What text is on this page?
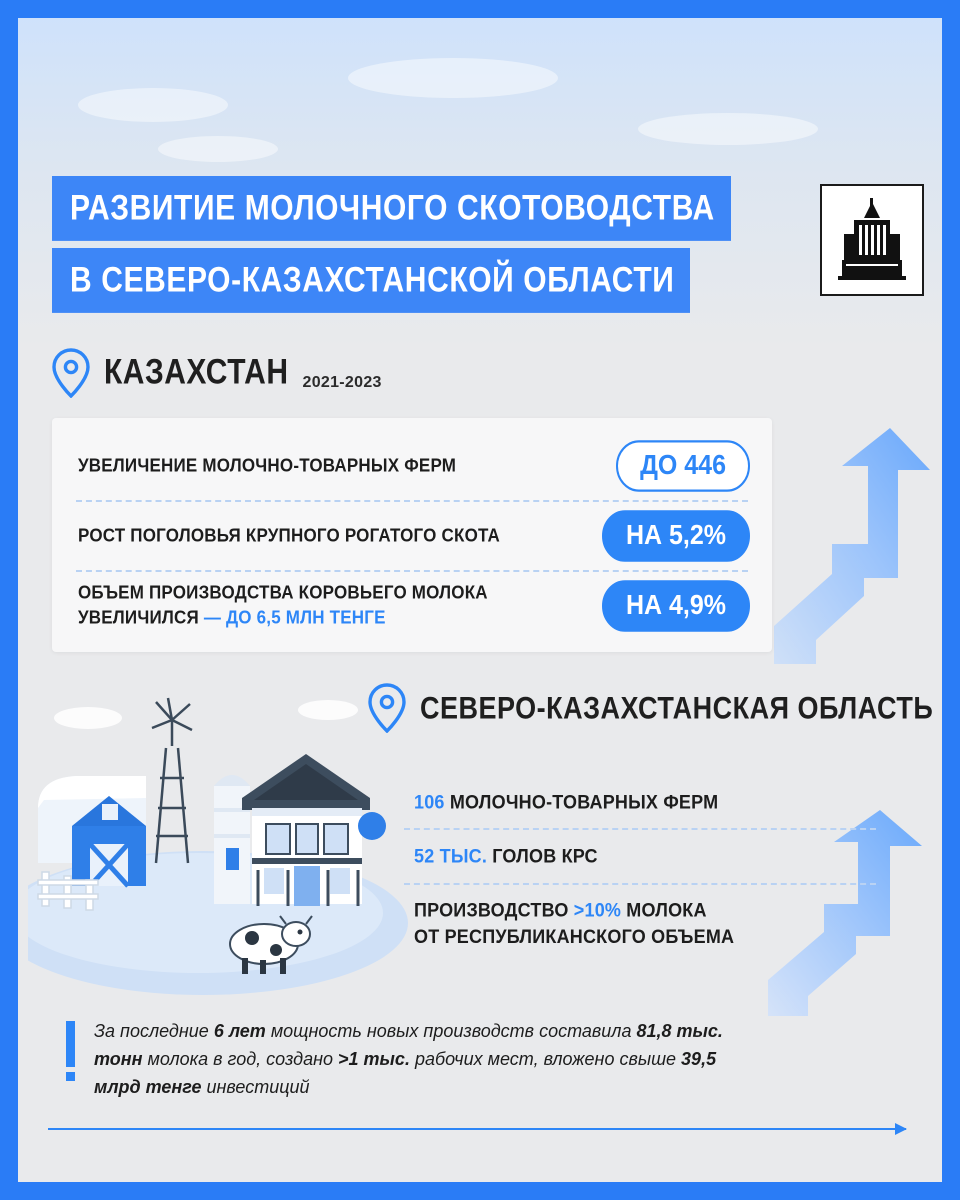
РАЗВИТИЕ МОЛОЧНОГО СКОТОВОДСТВА
В СЕВЕРО-КАЗАХСТАНСКОЙ ОБЛАСТИ
КАЗАХСТАН 2021-2023
УВЕЛИЧЕНИЕ МОЛОЧНО-ТОВАРНЫХ ФЕРМ	ДО 446
РОСТ ПОГОЛОВЬЯ КРУПНОГО РОГАТОГО СКОТА	НА 5,2%
ОБЪЕМ ПРОИЗВОДСТВА КОРОВЬЕГО МОЛОКА
УВЕЛИЧИЛСЯ — ДО 6,5 МЛН ТЕНГЕ	НА 4,9%
СЕВЕРО-КАЗАХСТАНСКАЯ ОБЛАСТЬ
106 МОЛОЧНО-ТОВАРНЫХ ФЕРМ
52 ТЫС. ГОЛОВ КРС
ПРОИЗВОДСТВО >10% МОЛОКА
ОТ РЕСПУБЛИКАНСКОГО ОБЪЕМА
За последние 6 лет мощность новых производств составила 81,8 тыс. тонн молока в год, создано >1 тыс. рабочих мест, вложено свыше 39,5 млрд тенге инвестиций
